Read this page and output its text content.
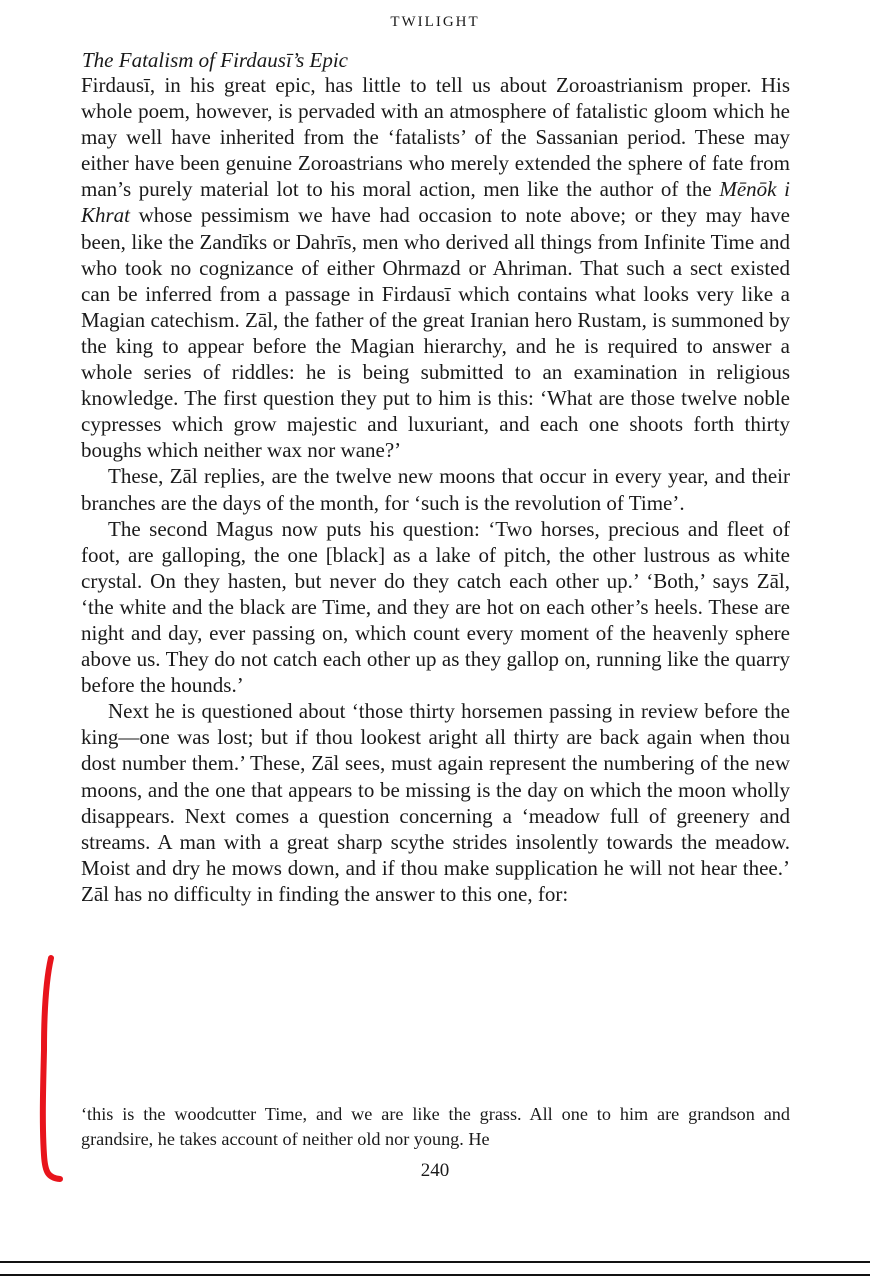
TWILIGHT
The Fatalism of Firdausī’s Epic

Firdausī, in his great epic, has little to tell us about Zoroastrianism proper. His whole poem, however, is pervaded with an atmosphere of fatalistic gloom which he may well have inherited from the ‘fatalists’ of the Sassanian period. These may either have been genuine Zoroastrians who merely extended the sphere of fate from man’s purely material lot to his moral action, men like the author of the Mēnōk i Khrat whose pessimism we have had occasion to note above; or they may have been, like the Zandīks or Dahrīs, men who derived all things from Infinite Time and who took no cognizance of either Ohrmazd or Ahriman. That such a sect existed can be inferred from a passage in Firdausī which contains what looks very like a Magian catechism. Zāl, the father of the great Iranian hero Rustam, is summoned by the king to appear before the Magian hierarchy, and he is required to answer a whole series of riddles: he is being submitted to an examination in religious knowledge. The first question they put to him is this: ‘What are those twelve noble cypresses which grow majestic and luxuriant, and each one shoots forth thirty boughs which neither wax nor wane?’

These, Zāl replies, are the twelve new moons that occur in every year, and their branches are the days of the month, for ‘such is the revolution of Time’.

The second Magus now puts his question: ‘Two horses, precious and fleet of foot, are galloping, the one [black] as a lake of pitch, the other lustrous as white crystal. On they hasten, but never do they catch each other up.’ ‘Both,’ says Zāl, ‘the white and the black are Time, and they are hot on each other’s heels. These are night and day, ever passing on, which count every moment of the heavenly sphere above us. They do not catch each other up as they gallop on, running like the quarry before the hounds.’

Next he is questioned about ‘those thirty horsemen passing in review before the king—one was lost; but if thou lookest aright all thirty are back again when thou dost number them.’ These, Zāl sees, must again represent the numbering of the new moons, and the one that appears to be missing is the day on which the moon wholly disappears. Next comes a question concerning a ‘meadow full of greenery and streams. A man with a great sharp scythe strides insolently towards the meadow. Moist and dry he mows down, and if thou make supplication he will not hear thee.’ Zāl has no difficulty in finding the answer to this one, for:

‘this is the woodcutter Time, and we are like the grass. All one to him are grandson and grandsire, he takes account of neither old nor young. He
240
